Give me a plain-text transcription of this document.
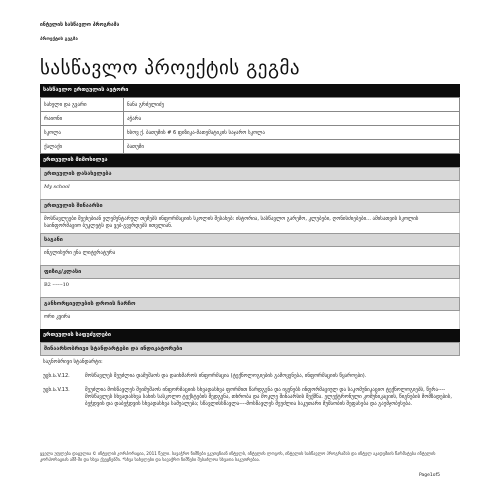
ინტელის სასწავლო პროგრამა
პროექტის გეგმა
სასწავლო პროექტის გეგმა
სასწავლო ერთეულის ავტორი
სახელი და გვარი	ნანა გრძელიძე
რაიონი	აჭარა
სკოლა	ხსოვ ქ. ბათუმის # 6 ფიზიკა-მათემატიკის საჯარო სკოლა
ქალაქი	ბათუმი
ერთეულის მიმოხილვა
ერთეულის დასახელება
My school
ერთეულის შინაარსი
მოსწავლეები შეეხებიან ელემენტარულ თემებს ინფორმაციის სკოლის შესახებ: ისტორია, სასწავლო გარემო, კლუბები, ღონისძიებები... ამისათვის სკოლის საინფორმაციო ბუკლეტს და ვებ-გვერდებს ითვლიან.
საგანი
ინგლისური ენა ლიტერატურა
ფიზიკ/კლასი
B2 ------10
განხორციელების დროის ჩარჩო
ორი კვირა
ერთეულის საფუძვლები
შინაარსობრივი სტანდარტები და ინდიკატორები
საგნობრივი სტანდარტი:
უცხ.Ს.V.12.	მოსწავლეს შეუძლია დამუშაოს და დაიხმაროს ინფორმაცია (ტექნოლოგიების გამოყენება, ინფორმაციის წყაროები).
უცხ.Ს.V.13.	შეუძლია მოსწავლეს შეიმუშაოს ინფორმაციის სხვადასხვა ფორმით წარდგენა და იყენებს ინფორმაციულ და საკომუნიკაციო ტექნოლოგიებს, წერა----მოსწავლეს სხვადასხვა სახის სასკოლო ტექსტების შედგენა, თხრობა და მოკლე შინაარსის შექმნა. ელექტრონული კომუნიკაციის, წიგნების მომზადების, ბეჭდვის და დაბეჭდვის სხვადასხვა საშუალება; სწავლისსწავლა----მოსწავლეს შეუძლია საკუთარი მუშაობის შეფასება და გაუმჯობესება.
ყველა უფლება დაცულია © ინტელის კორპორაცია, 2011 წელი. სავაჭრო ნიშნები ეკუთვნიან ინტელს, ინტელის ლოგოს, ინტელის სასწავლო პროგრამას და ინტელ აკადემიის წარმატება ინტელის კორპორაციას აშშ-ში და სხვა ქვეყნებში. *სხვა სახელები და სავაჭრო ნიშნები შესაძლოა სხვათა საკუთრებაა.
Page1of5
